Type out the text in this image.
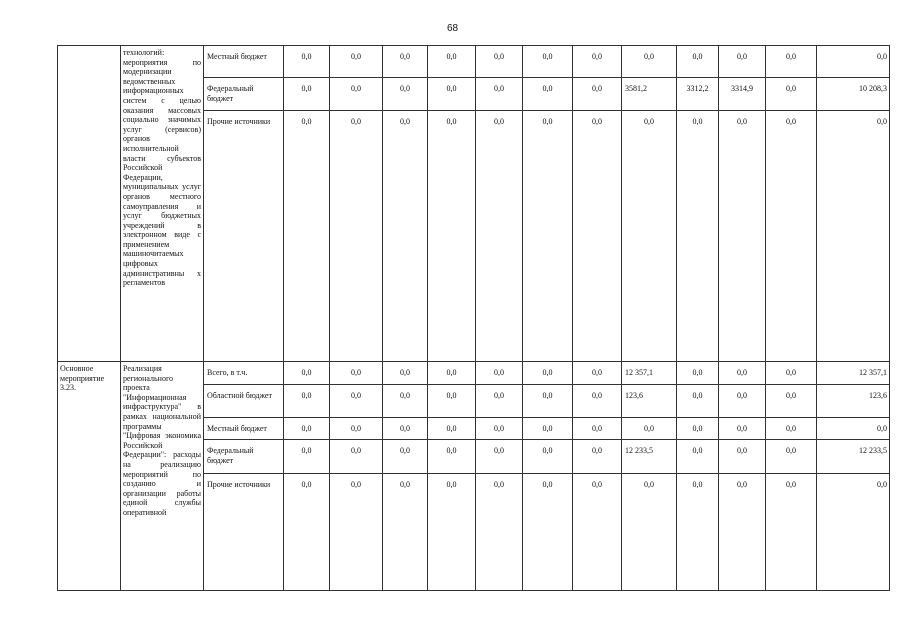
68
	технологий: мероприятия по модернизации ведомственных информационных систем с целью оказания массовых социально значимых услуг (сервисов) органов исполнительной власти субъектов Российской Федерации, муниципальных услуг органов местного самоуправления и услуг бюджетных учреждений в электронном виде с применением машиночитаемых цифровых административны х регламентов	Местный бюджет	0,0	0,0	0,0	0,0	0,0	0,0	0,0	0,0	0,0	0,0	0,0	0,0
		Федеральный бюджет	0,0	0,0	0,0	0,0	0,0	0,0	0,0	3581,2	3312,2	3314,9	0,0	10 208,3
		Прочие источники	0,0	0,0	0,0	0,0	0,0	0,0	0,0	0,0	0,0	0,0	0,0	0,0
Основное мероприятие 3.23.	Реализация регионального проекта "Информационная инфраструктура" в рамках национальной программы "Цифровая экономика Российской Федерации": расходы на реализацию мероприятий по созданию и организации работы единой службы оперативной	Всего, в т.ч.	0,0	0,0	0,0	0,0	0,0	0,0	0,0	12 357,1	0,0	0,0	0,0	12 357,1
		Областной бюджет	0,0	0,0	0,0	0,0	0,0	0,0	0,0	123,6	0,0	0,0	0,0	123,6
		Местный бюджет	0,0	0,0	0,0	0,0	0,0	0,0	0,0	0,0	0,0	0,0	0,0	0,0
		Федеральный бюджет	0,0	0,0	0,0	0,0	0,0	0,0	0,0	12 233,5	0,0	0,0	0,0	12 233,5
		Прочие источники	0,0	0,0	0,0	0,0	0,0	0,0	0,0	0,0	0,0	0,0	0,0	0,0
